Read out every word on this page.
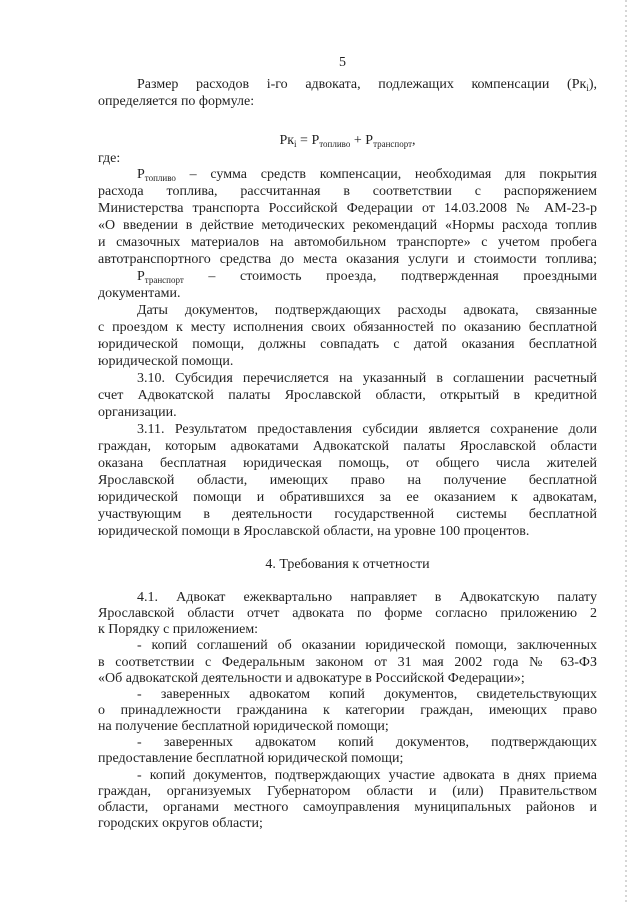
5
Размер расходов i-го адвоката, подлежащих компенсации $(Рк_i)$,
определяется по формуле:
$Рк_i = Р_{топливо} + Р_{транспорт}$,
где:
$Р_{топливо}$ – сумма средств компенсации, необходимая для покрытия
расхода топлива, рассчитанная в соответствии с распоряжением
Министерства транспорта Российской Федерации от 14.03.2008 № АМ-23-р
«О введении в действие методических рекомендаций «Нормы расхода топлив
и смазочных материалов на автомобильном транспорте» с учетом пробега
автотранспортного средства до места оказания услуги и стоимости топлива;
$Р_{транспорт}$ – стоимость проезда, подтвержденная проездными
документами.
Даты документов, подтверждающих расходы адвоката, связанные
с проездом к месту исполнения своих обязанностей по оказанию бесплатной
юридической помощи, должны совпадать с датой оказания бесплатной
юридической помощи.
3.10. Субсидия перечисляется на указанный в соглашении расчетный
счет Адвокатской палаты Ярославской области, открытый в кредитной
организации.
3.11. Результатом предоставления субсидии является сохранение доли
граждан, которым адвокатами Адвокатской палаты Ярославской области
оказана бесплатная юридическая помощь, от общего числа жителей
Ярославской области, имеющих право на получение бесплатной
юридической помощи и обратившихся за ее оказанием к адвокатам,
участвующим в деятельности государственной системы бесплатной
юридической помощи в Ярославской области, на уровне 100 процентов.
4. Требования к отчетности
4.1. Адвокат ежеквартально направляет в Адвокатскую палату
Ярославской области отчет адвоката по форме согласно приложению 2
к Порядку с приложением:
- копий соглашений об оказании юридической помощи, заключенных
в соответствии с Федеральным законом от 31 мая 2002 года № 63-ФЗ
«Об адвокатской деятельности и адвокатуре в Российской Федерации»;
- заверенных адвокатом копий документов, свидетельствующих
о принадлежности гражданина к категории граждан, имеющих право
на получение бесплатной юридической помощи;
- заверенных адвокатом копий документов, подтверждающих
предоставление бесплатной юридической помощи;
- копий документов, подтверждающих участие адвоката в днях приема
граждан, организуемых Губернатором области и (или) Правительством
области, органами местного самоуправления муниципальных районов и
городских округов области;
